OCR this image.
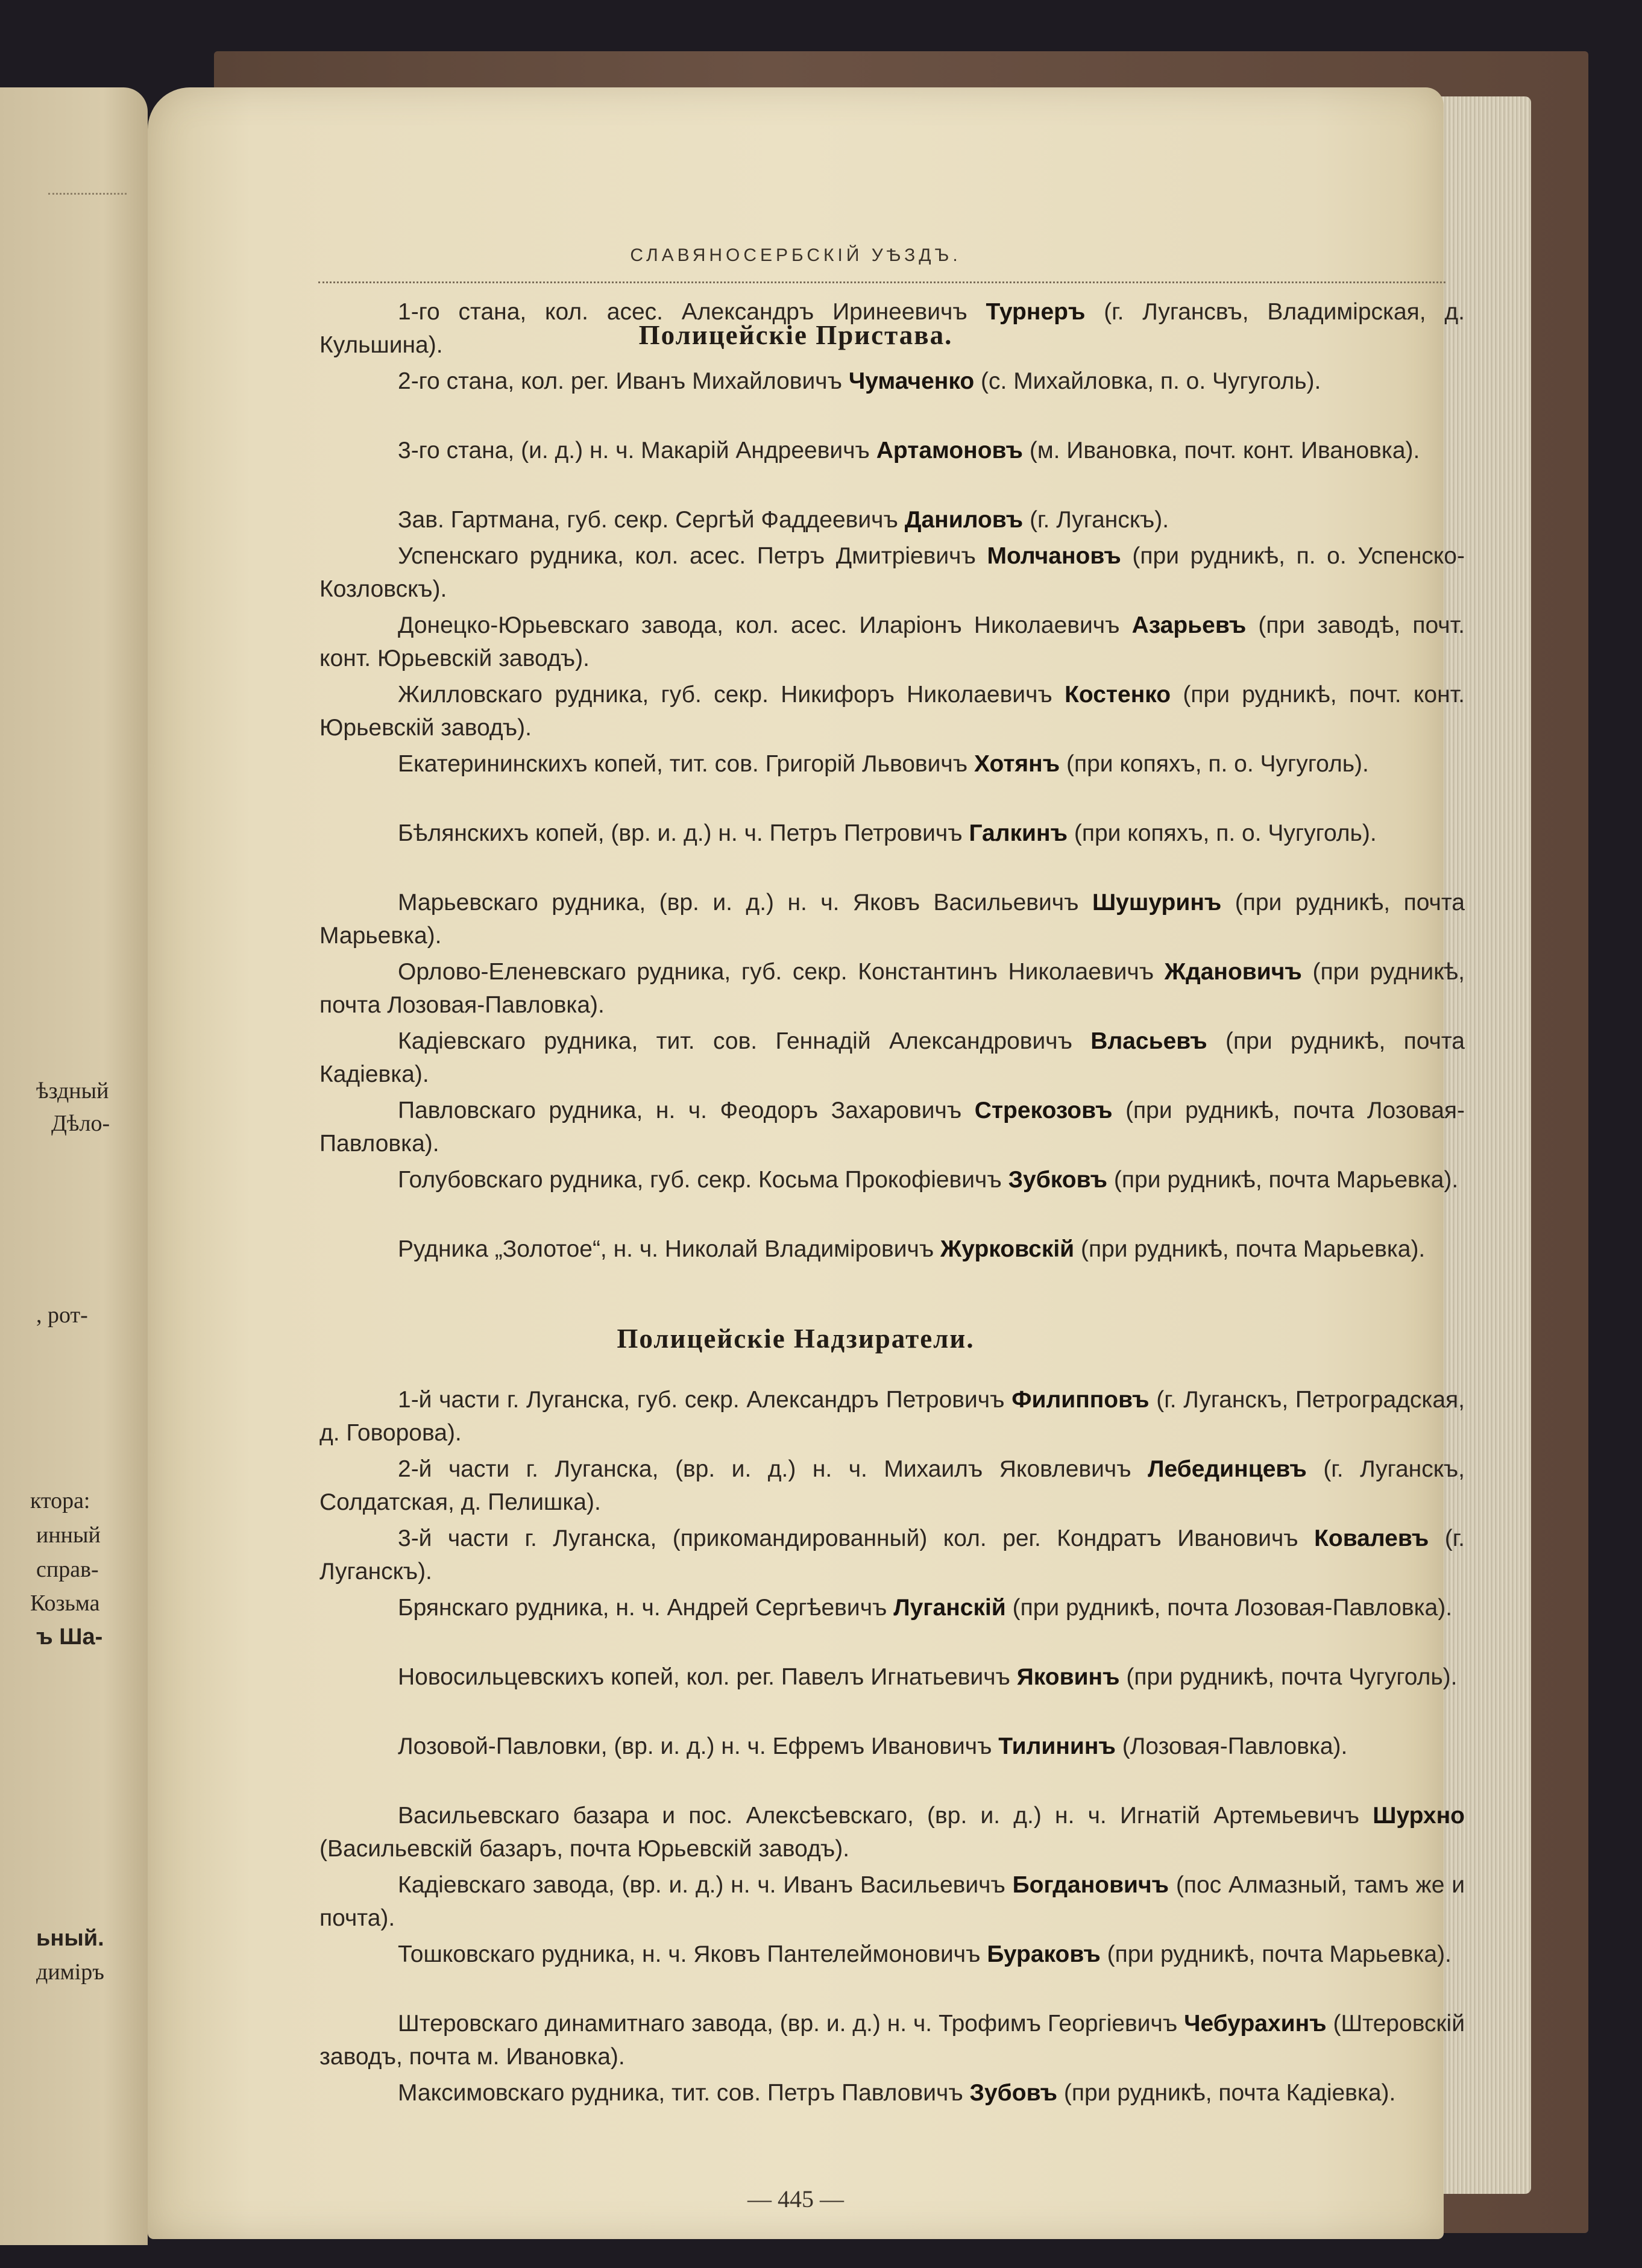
ѣздный
Дѣло-
, рот-
ктора:
инный
справ-
Козьма
ъ Ша-
ьный.
димiръ
СЛАВЯНОСЕРБСКIЙ УѢЗДЪ.
Полицейскiе Пристава.

1-го стана, кол. асес. Александръ Иринеевичъ Турнеръ (г. Лугансвъ, Владимiрская, д. Кульшина).

2-го стана, кол. рег. Иванъ Михайловичъ Чумаченко (с. Михайловка, п. о. Чугуголь).

3-го стана, (и. д.) н. ч. Макарiй Андреевичъ Артамоновъ (м. Ивановка, почт. конт. Ивановка).

Зав. Гартмана, губ. секр. Сергѣй Фаддеевичъ Даниловъ (г. Луганскъ).

Успенскаго рудника, кол. асес. Петръ Дмитрiевичъ Молчановъ (при рудникѣ, п. о. Успенско-Козловскъ).

Донецко-Юрьевскаго завода, кол. асес. Иларiонъ Николаевичъ Азарьевъ (при заводѣ, почт. конт. Юрьевскiй заводъ).

Жилловскаго рудника, губ. секр. Никифоръ Николаевичъ Костенко (при рудникѣ, почт. конт. Юрьевскiй заводъ).

Екатерининскихъ копей, тит. сов. Григорiй Львовичъ Хотянъ (при копяхъ, п. о. Чугуголь).

Бѣлянскихъ копей, (вр. и. д.) н. ч. Петръ Петровичъ Галкинъ (при копяхъ, п. о. Чугуголь).

Марьевскаго рудника, (вр. и. д.) н. ч. Яковъ Васильевичъ Шушуринъ (при рудникѣ, почта Марьевка).

Орлово-Еленевскаго рудника, губ. секр. Константинъ Николаевичъ Ждановичъ (при рудникѣ, почта Лозовая-Павловка).

Кадiевскаго рудника, тит. сов. Геннадiй Александровичъ Власьевъ (при рудникѣ, почта Кадiевка).

Павловскаго рудника, н. ч. Феодоръ Захаровичъ Стрекозовъ (при рудникѣ, почта Лозовая-Павловка).

Голубовскаго рудника, губ. секр. Косьма Прокофiевичъ Зубковъ (при рудникѣ, почта Марьевка).

Рудника „Золотое“, н. ч. Николай Владимiровичъ Журковскiй (при рудникѣ, почта Марьевка).

Полицейскiе Надзиратели.

1-й части г. Луганска, губ. секр. Александръ Петровичъ Филипповъ (г. Луганскъ, Петроградская, д. Говорова).

2-й части г. Луганска, (вр. и. д.) н. ч. Михаилъ Яковлевичъ Лебединцевъ (г. Луганскъ, Солдатская, д. Пелишка).

3-й части г. Луганска, (прикомандированный) кол. рег. Кондратъ Ивановичъ Ковалевъ (г. Луганскъ).

Брянскаго рудника, н. ч. Андрей Сергѣевичъ Луганскiй (при рудникѣ, почта Лозовая-Павловка).

Новосильцевскихъ копей, кол. рег. Павелъ Игнатьевичъ Яковинъ (при рудникѣ, почта Чугуголь).

Лозовой-Павловки, (вр. и. д.) н. ч. Ефремъ Ивановичъ Тилининъ (Лозовая-Павловка).

Васильевскаго базара и пос. Алексѣевскаго, (вр. и. д.) н. ч. Игнатiй Артемьевичъ Шурхно (Васильевскiй базаръ, почта Юрьевскiй заводъ).

Кадiевскаго завода, (вр. и. д.) н. ч. Иванъ Васильевичъ Богдановичъ (пос Алмазный, тамъ же и почта).

Тошковскаго рудника, н. ч. Яковъ Пантелеймоновичъ Бураковъ (при рудникѣ, почта Марьевка).

Штеровскаго динамитнаго завода, (вр. и. д.) н. ч. Трофимъ Георгiевичъ Чебурахинъ (Штеровскiй заводъ, почта м. Ивановка).

Максимовскаго рудника, тит. сов. Петръ Павловичъ Зубовъ (при рудникѣ, почта Кадiевка).

— 445 —
